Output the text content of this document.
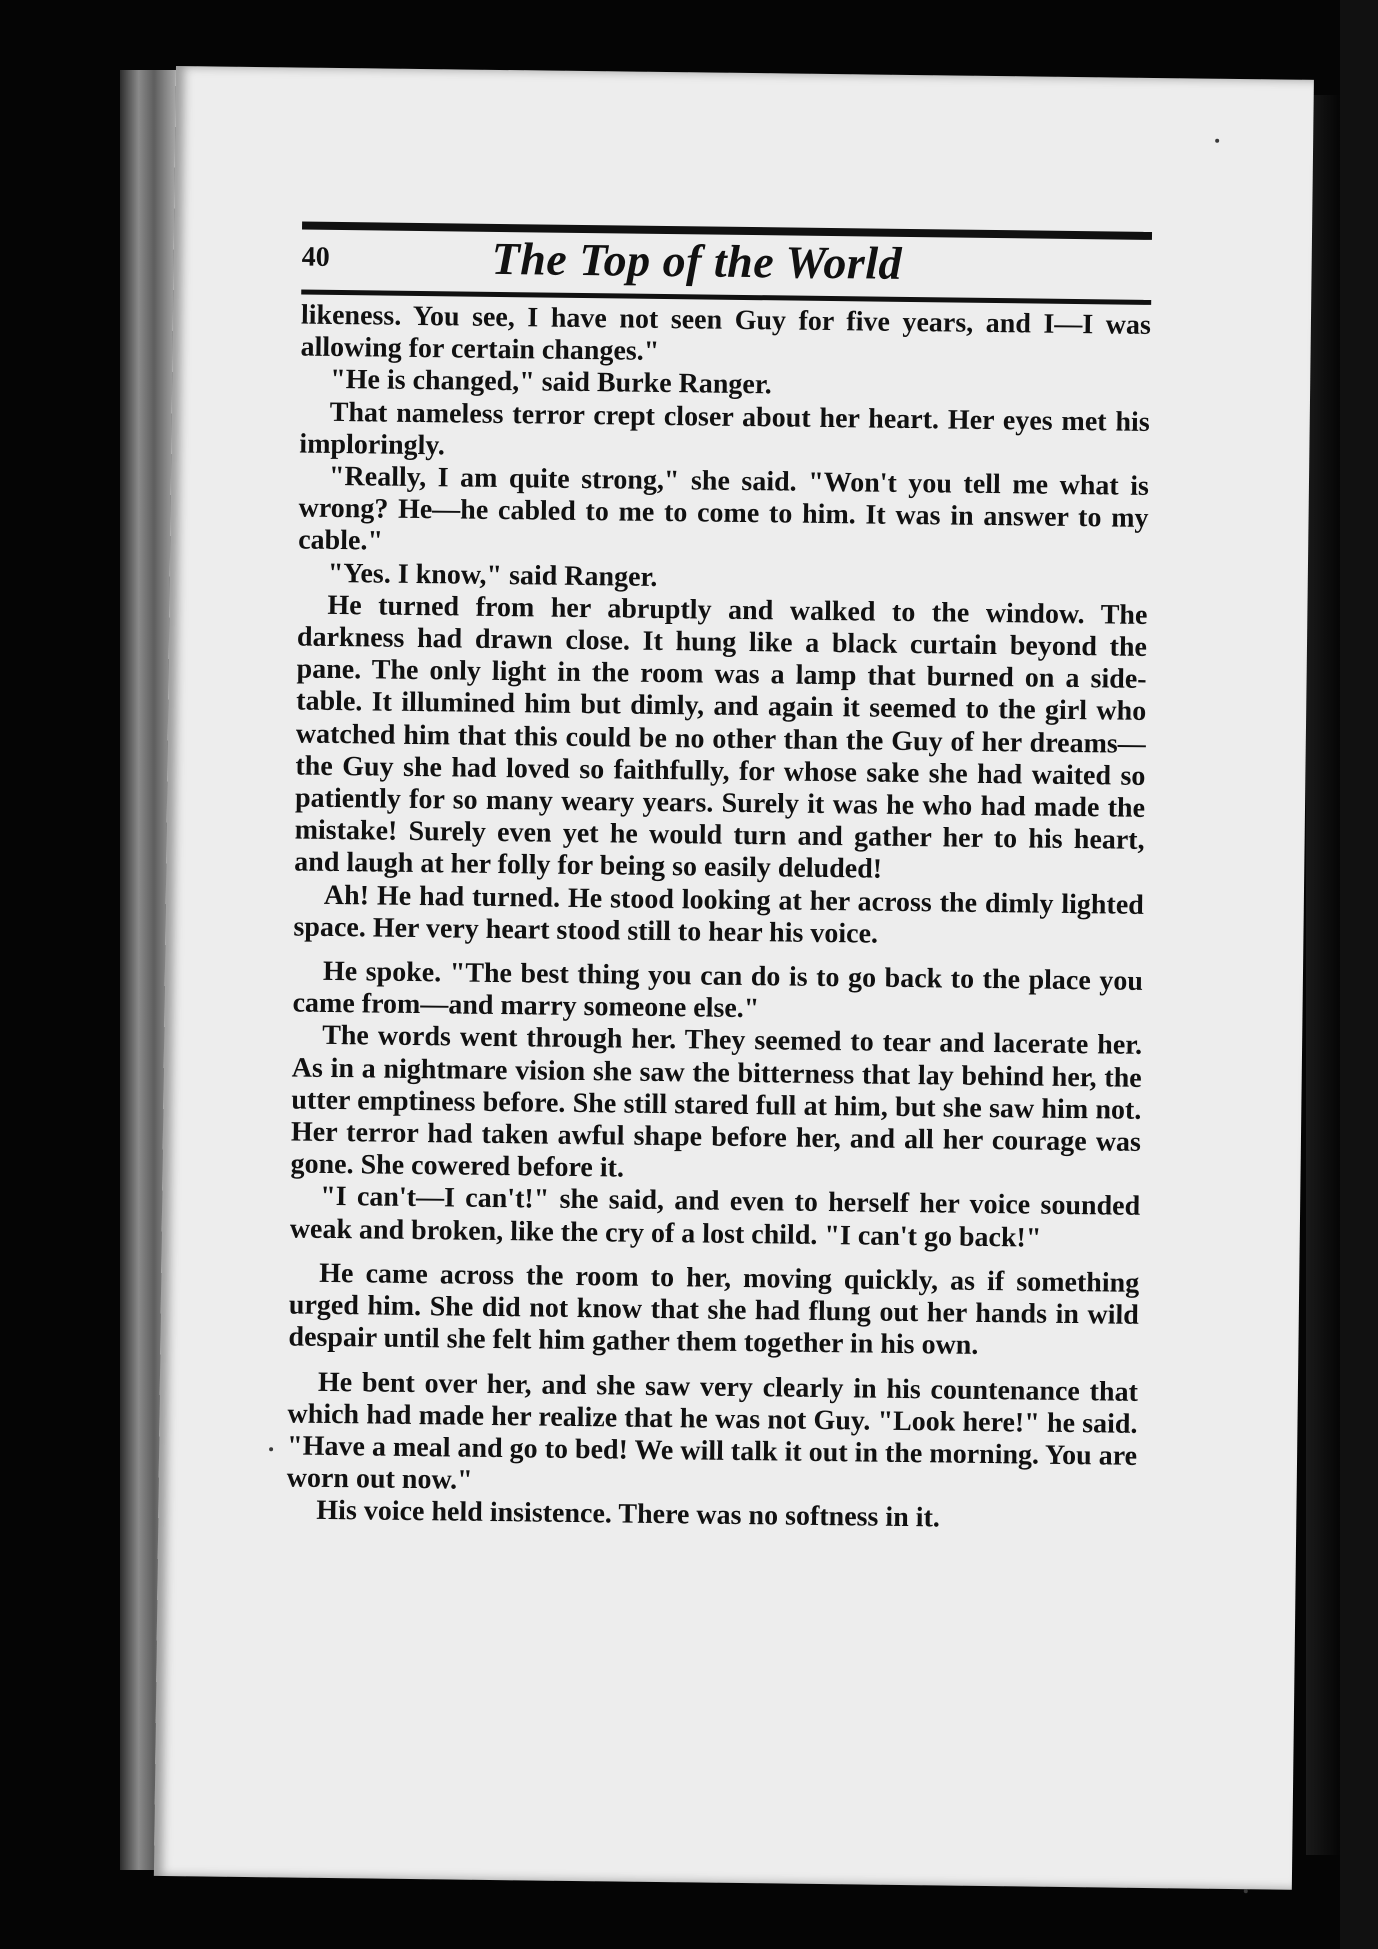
40	The Top of the World

likeness. You see, I have not seen Guy for five years, and I—I was allowing for certain changes."

"He is changed," said Burke Ranger.

That nameless terror crept closer about her heart. Her eyes met his imploringly.

"Really, I am quite strong," she said. "Won't you tell me what is wrong? He—he cabled to me to come to him. It was in answer to my cable."

"Yes. I know," said Ranger.

He turned from her abruptly and walked to the window. The darkness had drawn close. It hung like a black curtain beyond the pane. The only light in the room was a lamp that burned on a side-table. It illumined him but dimly, and again it seemed to the girl who watched him that this could be no other than the Guy of her dreams—the Guy she had loved so faithfully, for whose sake she had waited so patiently for so many weary years. Surely it was he who had made the mistake! Surely even yet he would turn and gather her to his heart, and laugh at her folly for being so easily deluded!

Ah! He had turned. He stood looking at her across the dimly lighted space. Her very heart stood still to hear his voice.

He spoke. "The best thing you can do is to go back to the place you came from—and marry someone else."

The words went through her. They seemed to tear and lacerate her. As in a nightmare vision she saw the bitterness that lay behind her, the utter emptiness before. She still stared full at him, but she saw him not. Her terror had taken awful shape before her, and all her courage was gone. She cowered before it.

"I can't—I can't!" she said, and even to herself her voice sounded weak and broken, like the cry of a lost child. "I can't go back!"

He came across the room to her, moving quickly, as if something urged him. She did not know that she had flung out her hands in wild despair until she felt him gather them together in his own.

He bent over her, and she saw very clearly in his countenance that which had made her realize that he was not Guy. "Look here!" he said. "Have a meal and go to bed! We will talk it out in the morning. You are worn out now."

His voice held insistence. There was no softness in it.
